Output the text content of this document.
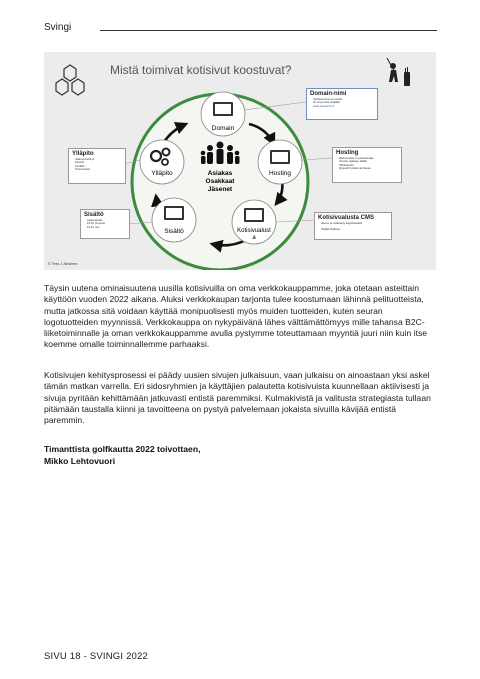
Svingi
Mistä toimivat kotisivut koostuvat?
Domain
Hosting
Kotisivualust
a
Sisältö
Ylläpito	Asiakas
Osakkaat
Jäsenet
© Tero J Järvinen
Domain-nimi
Verkkotunnus on osoite
eli url ja tulee sisältää
www.seuranimi.fi
Hosting
Web-hostati on palveluntaja
Sivusto sijaitsee täällä
Sähköpostit
@postit.fi pitää varmistaa
Kotisivualusta CMS
oikeus ja määritetty käytettäväksi
Sisällönhallinta
Sisältö
Laaja täydet
Fit for purpose
Fit for use
Ylläpito
Jatkuva kehitys
Ideointi
Kevään
Toimivuudet
Täysin uutena ominaisuutena uusilla kotisivuilla on oma verkkokauppamme, joka otetaan asteittain käyttöön vuoden 2022 aikana. Aluksi verkkokaupan tarjonta tulee koostumaan lähinnä pelituotteista, mutta jatkossa sitä voidaan käyttää monipuolisesti myös muiden tuotteiden, kuten seuran logotuotteiden myynnissä. Verkkokauppa on nykypäivänä lähes välttämättömyys mille tahansa B2C-liiketoiminnalle ja oman verkkokauppamme avulla pystymme toteuttamaan myyntiä juuri niin kuin itse koemme omalle toiminnallemme parhaaksi.
Kotisivujen kehitysprosessi ei päädy uusien sivujen julkaisuun, vaan julkaisu on ainoastaan yksi askel tämän matkan varrella. Eri sidosryhmien ja käyttäjien palautetta kotisivuista kuunnellaan aktiivisesti ja sivuja pyritään kehittämään jatkuvasti entistä paremmiksi. Kulmakivistä ja valitusta strategiasta tullaan pitämään taustalla kiinni ja tavoitteena on pystyä palvelemaan jokaista sivuilla kävijää entistä paremmin.
Timanttista golfkautta 2022 toivottaen,
Mikko Lehtovuori
SIVU 18 - SVINGI 2022
